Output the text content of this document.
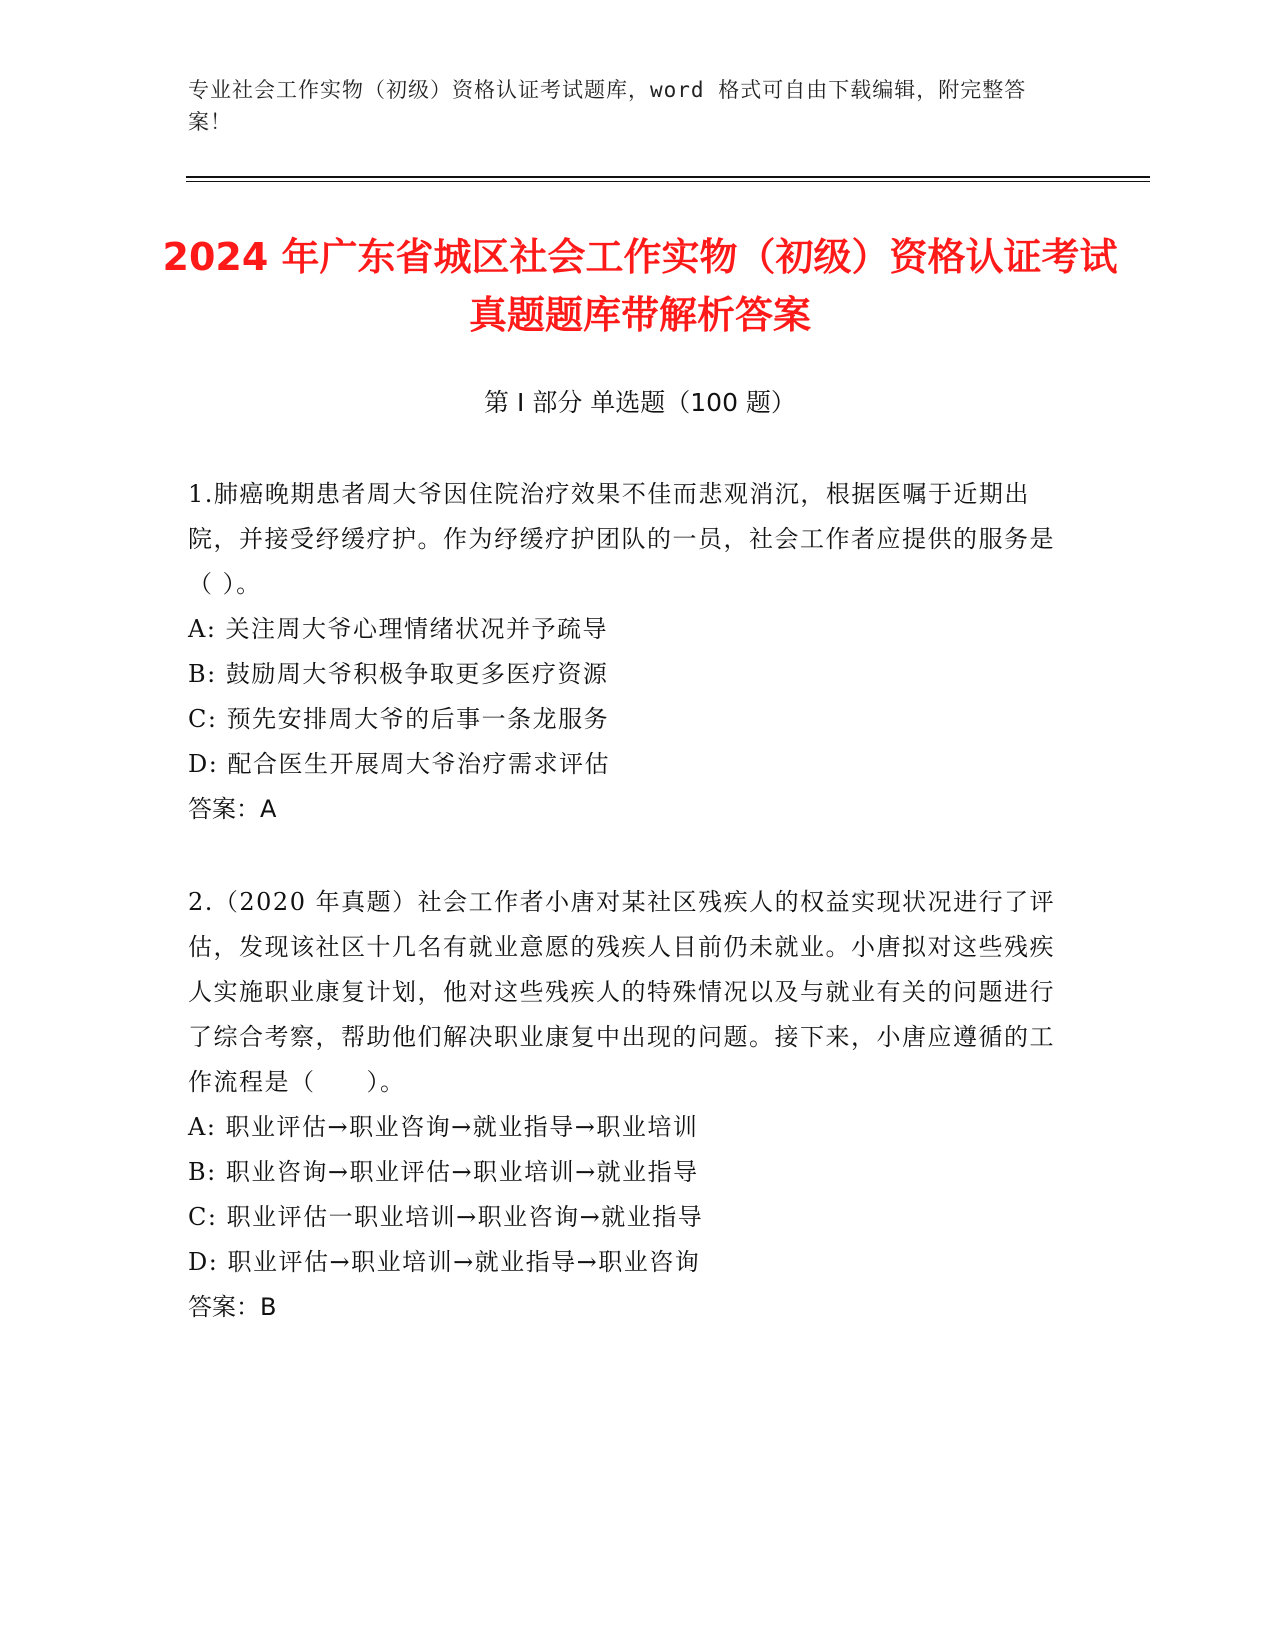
专业社会工作实物（初级）资格认证考试题库，word 格式可自由下载编辑，附完整答案！
2024 年广东省城区社会工作实物（初级）资格认证考试真题题库带解析答案
第 I 部分 单选题（100 题）

1.肺癌晚期患者周大爷因住院治疗效果不佳而悲观消沉，根据医嘱于近期出院，并接受纾缓疗护。作为纾缓疗护团队的一员，社会工作者应提供的服务是（ ）。

A: 关注周大爷心理情绪状况并予疏导

B: 鼓励周大爷积极争取更多医疗资源

C: 预先安排周大爷的后事一条龙服务

D: 配合医生开展周大爷治疗需求评估

答案：A

2.（2020 年真题）社会工作者小唐对某社区残疾人的权益实现状况进行了评估，发现该社区十几名有就业意愿的残疾人目前仍未就业。小唐拟对这些残疾人实施职业康复计划，他对这些残疾人的特殊情况以及与就业有关的问题进行了综合考察，帮助他们解决职业康复中出现的问题。接下来，小唐应遵循的工作流程是（　　）。

A: 职业评估→职业咨询→就业指导→职业培训

B: 职业咨询→职业评估→职业培训→就业指导

C: 职业评估一职业培训→职业咨询→就业指导

D: 职业评估→职业培训→就业指导→职业咨询

答案：B
